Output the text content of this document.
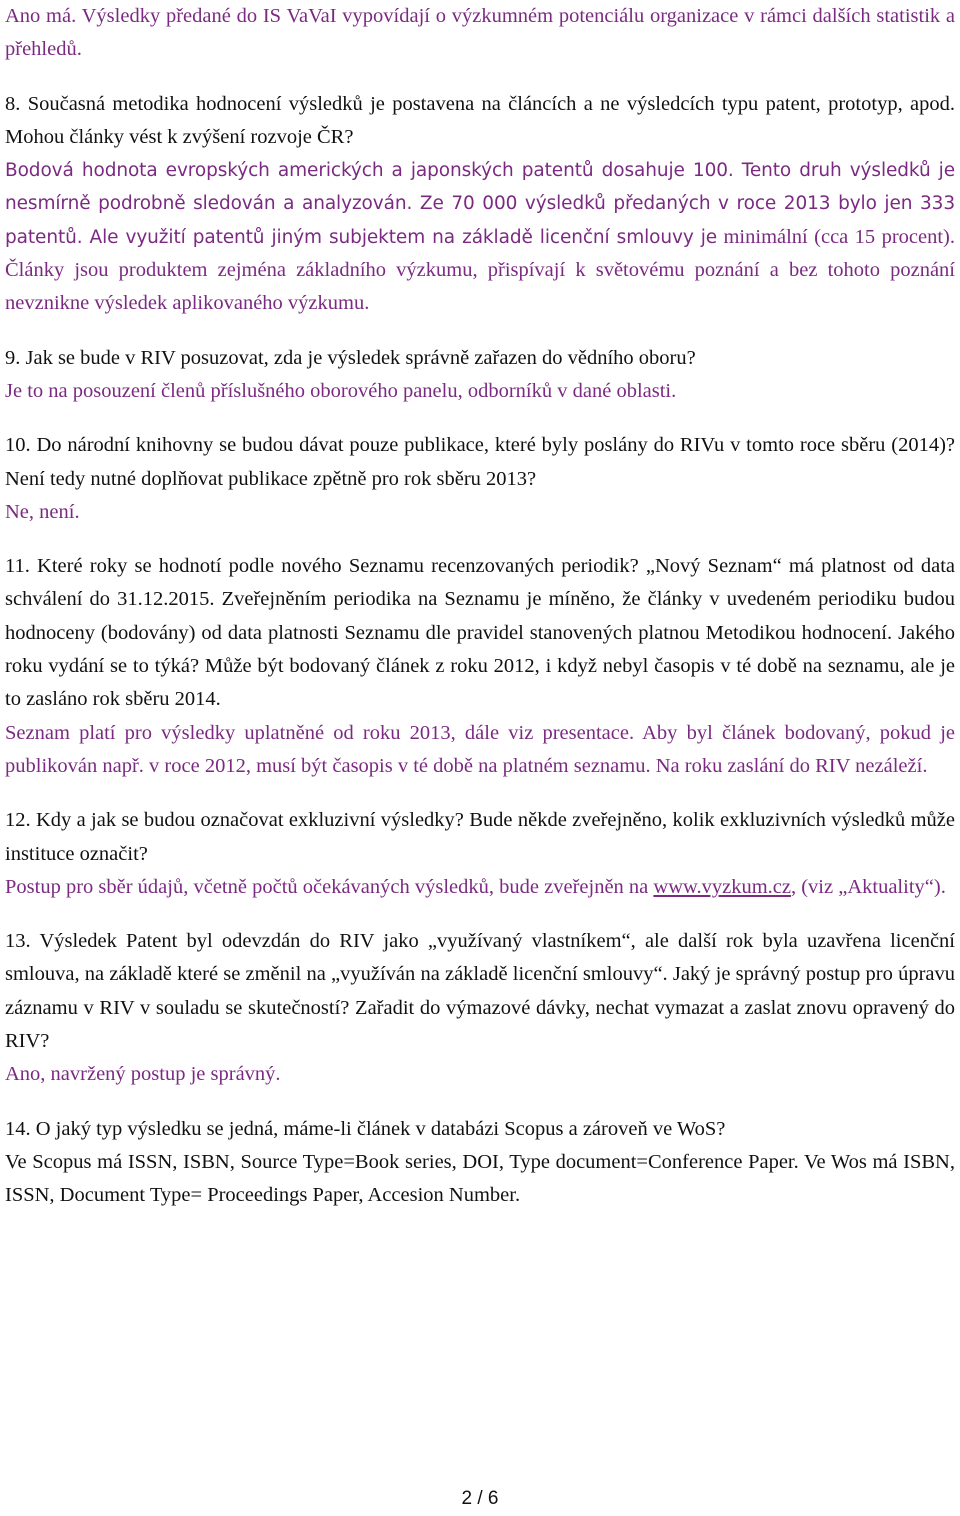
Ano má. Výsledky předané do IS VaVaI vypovídají o výzkumném potenciálu organizace v rámci dalších statistik a přehledů.

8. Současná metodika hodnocení výsledků je postavena na článcích a ne výsledcích typu patent, prototyp, apod. Mohou články vést k zvýšení rozvoje ČR?

Bodová hodnota evropských amerických a japonských patentů dosahuje 100. Tento druh výsledků je nesmírně podrobně sledován a analyzován. Ze 70 000 výsledků předaných v roce 2013 bylo jen 333 patentů. Ale využití patentů jiným subjektem na základě licenční smlouvy je minimální (cca 15 procent). Články jsou produktem zejména základního výzkumu, přispívají k světovému poznání a bez tohoto poznání nevznikne výsledek aplikovaného výzkumu.

9. Jak se bude v RIV posuzovat, zda je výsledek správně zařazen do vědního oboru?

Je to na posouzení členů příslušného oborového panelu, odborníků v dané oblasti.

10. Do národní knihovny se budou dávat pouze publikace, které byly poslány do RIVu v tomto roce sběru (2014)? Není tedy nutné doplňovat publikace zpětně pro rok sběru 2013?

Ne, není.

11. Které roky se hodnotí podle nového Seznamu recenzovaných periodik? „Nový Seznam“ má platnost od data schválení do 31.12.2015. Zveřejněním periodika na Seznamu je míněno, že články v uvedeném periodiku budou hodnoceny (bodovány) od data platnosti Seznamu dle pravidel stanovených platnou Metodikou hodnocení. Jakého roku vydání se to týká? Může být bodovaný článek z roku 2012, i když nebyl časopis v té době na seznamu, ale je to zasláno rok sběru 2014.

Seznam platí pro výsledky uplatněné od roku 2013, dále viz presentace. Aby byl článek bodovaný, pokud je publikován např. v roce 2012, musí být časopis v té době na platném seznamu. Na roku zaslání do RIV nezáleží.

12. Kdy a jak se budou označovat exkluzivní výsledky? Bude někde zveřejněno, kolik exkluzivních výsledků může instituce označit?

Postup pro sběr údajů, včetně počtů očekávaných výsledků, bude zveřejněn na www.vyzkum.cz, (viz „Aktuality“).

13. Výsledek Patent byl odevzdán do RIV jako „využívaný vlastníkem“, ale další rok byla uzavřena licenční smlouva, na základě které se změnil na „využíván na základě licenční smlouvy“. Jaký je správný postup pro úpravu záznamu v RIV v souladu se skutečností? Zařadit do výmazové dávky, nechat vymazat a zaslat znovu opravený do RIV?

Ano, navržený postup je správný.

14. O jaký typ výsledku se jedná, máme-li článek v databázi Scopus a zároveň ve WoS?

Ve Scopus má ISSN, ISBN, Source Type=Book series, DOI, Type document=Conference Paper. Ve Wos má ISBN, ISSN, Document Type= Proceedings Paper, Accesion Number.

2 / 6
